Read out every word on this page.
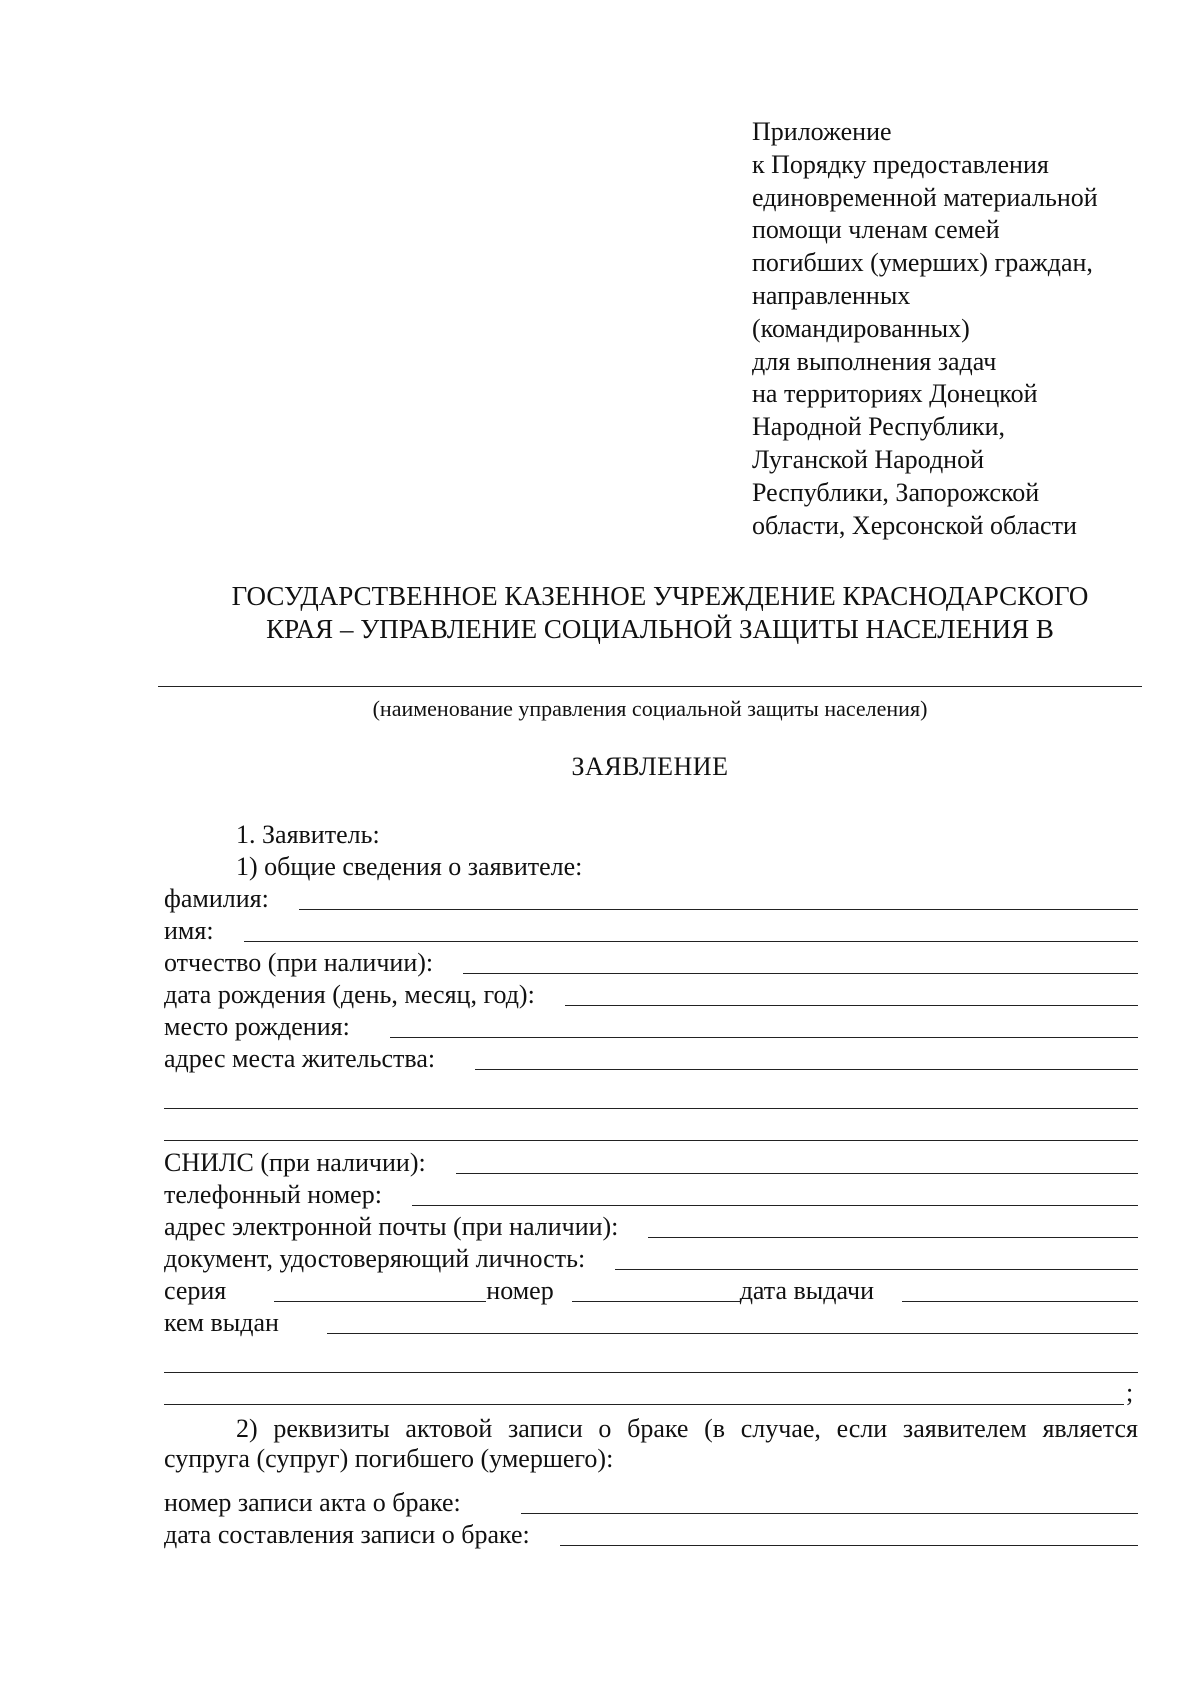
Приложение
к Порядку предоставления
единовременной материальной
помощи членам семей
погибших (умерших) граждан,
направленных
(командированных)
для выполнения задач
на территориях Донецкой
Народной Республики,
Луганской Народной
Республики, Запорожской
области, Херсонской области
ГОСУДАРСТВЕННОЕ КАЗЕННОЕ УЧРЕЖДЕНИЕ КРАСНОДАРСКОГО
КРАЯ – УПРАВЛЕНИЕ СОЦИАЛЬНОЙ ЗАЩИТЫ НАСЕЛЕНИЯ В
(наименование управления социальной защиты населения)
ЗАЯВЛЕНИЕ
1. Заявитель:
1) общие сведения о заявителе:
фамилия:
имя:
отчество (при наличии):
дата рождения (день, месяц, год):
место рождения:
адрес места жительства:
СНИЛС (при наличии):
телефонный номер:
адрес электронной почты (при наличии):
документ, удостоверяющий личность:
серия	номер	дата выдачи
кем выдан
;
2) реквизиты актовой записи о браке (в случае, если заявителем является супруга (супруг) погибшего (умершего):
номер записи акта о браке:
дата составления записи о браке:
